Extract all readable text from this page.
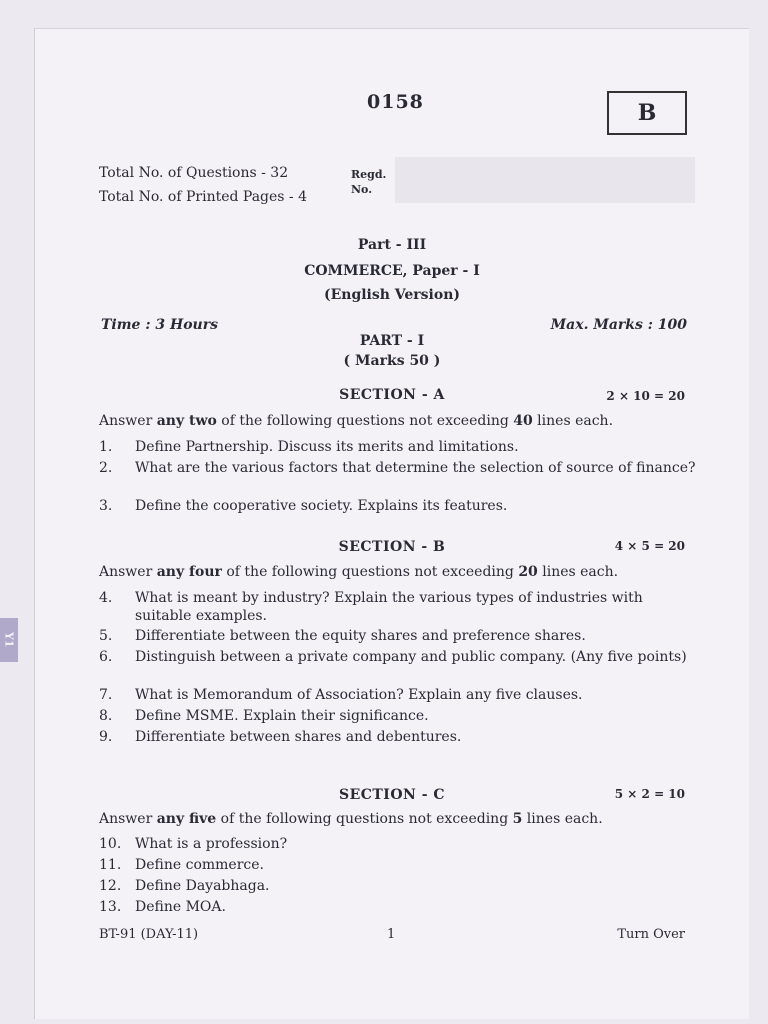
Y1
0158	B
Total No. of Questions - 32
Total No. of Printed Pages - 4
Regd.
No.
Part - III
COMMERCE, Paper - I
(English Version)
Time : 3 Hours	Max. Marks : 100
PART - I
( Marks 50 )
SECTION - A	2 × 10 = 20
Answer any two of the following questions not exceeding 40 lines each.
1.	Define Partnership. Discuss its merits and limitations.
2.	What are the various factors that determine the selection of source of finance?
3.	Define the cooperative society. Explains its features.
SECTION - B	4 × 5 = 20
Answer any four of the following questions not exceeding 20 lines each.
4.	What is meant by industry? Explain the various types of industries with suitable examples.
5.	Differentiate between the equity shares and preference shares.
6.	Distinguish between a private company and public company. (Any five points)
7.	What is Memorandum of Association? Explain any five clauses.
8.	Define MSME. Explain their significance.
9.	Differentiate between shares and debentures.
SECTION - C	5 × 2 = 10
Answer any five of the following questions not exceeding 5 lines each.
10. What is a profession?
11. Define commerce.
12. Define Dayabhaga.
13. Define MOA.
BT-91 (DAY-11)	1	Turn Over
